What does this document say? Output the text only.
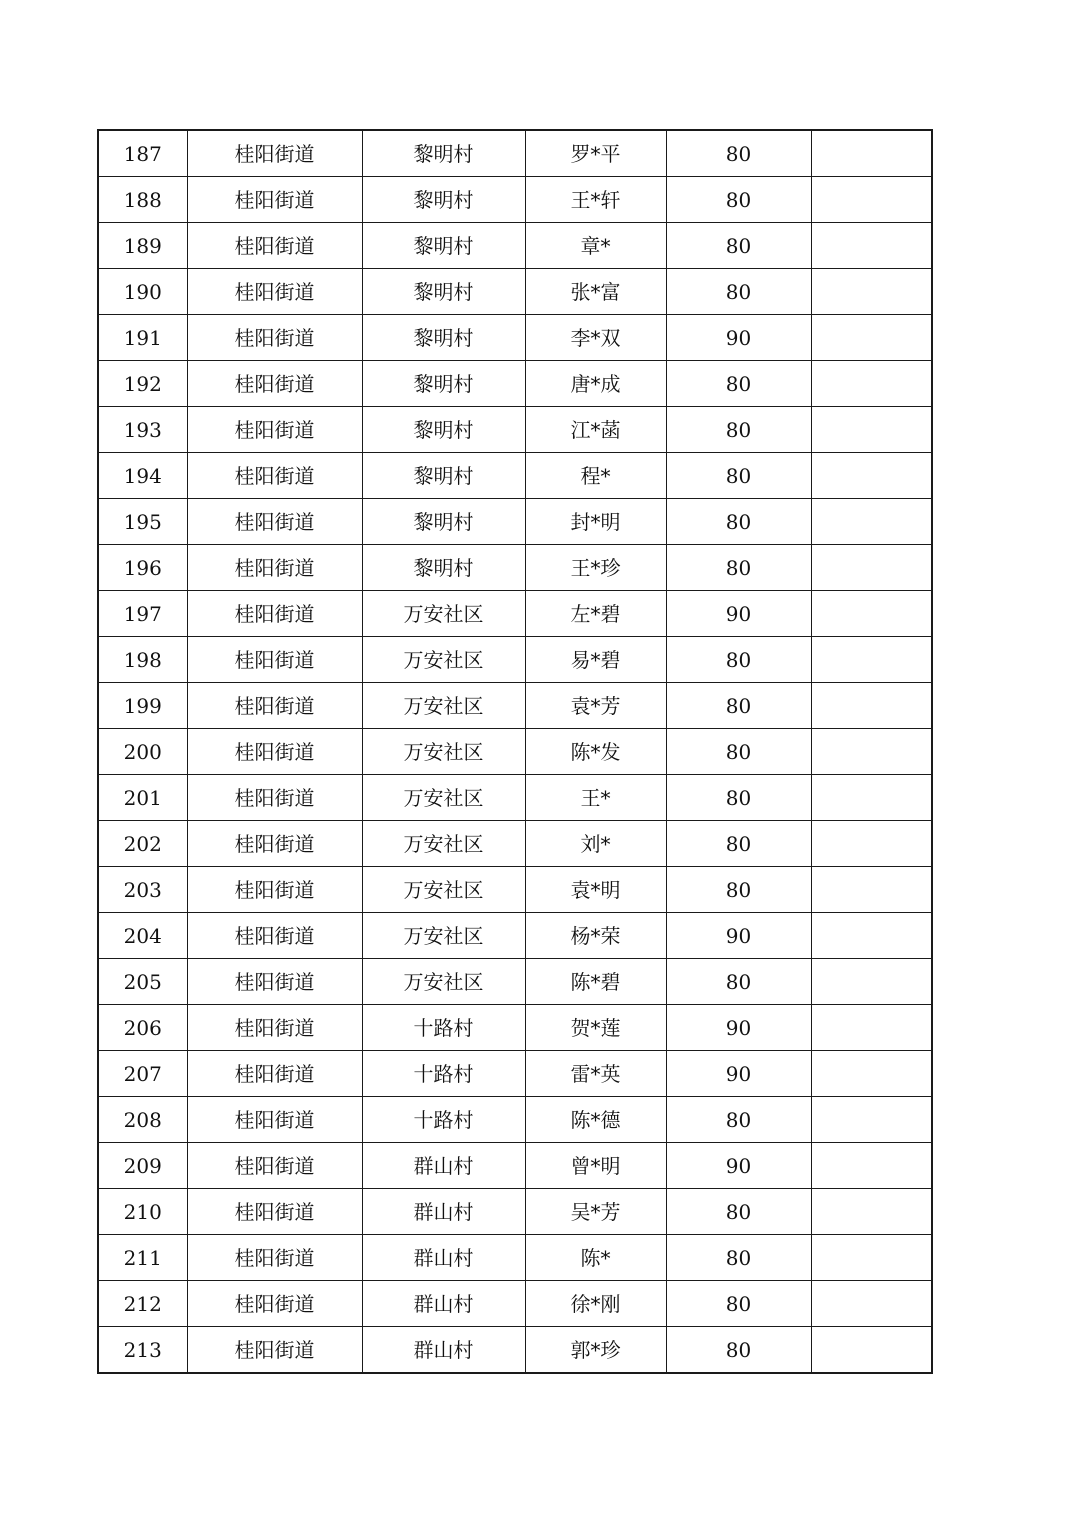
187	桂阳街道	黎明村	罗*平	80	
188	桂阳街道	黎明村	王*轩	80	
189	桂阳街道	黎明村	章*	80	
190	桂阳街道	黎明村	张*富	80	
191	桂阳街道	黎明村	李*双	90	
192	桂阳街道	黎明村	唐*成	80	
193	桂阳街道	黎明村	江*菡	80	
194	桂阳街道	黎明村	程*	80	
195	桂阳街道	黎明村	封*明	80	
196	桂阳街道	黎明村	王*珍	80	
197	桂阳街道	万安社区	左*碧	90	
198	桂阳街道	万安社区	易*碧	80	
199	桂阳街道	万安社区	袁*芳	80	
200	桂阳街道	万安社区	陈*发	80	
201	桂阳街道	万安社区	王*	80	
202	桂阳街道	万安社区	刘*	80	
203	桂阳街道	万安社区	袁*明	80	
204	桂阳街道	万安社区	杨*荣	90	
205	桂阳街道	万安社区	陈*碧	80	
206	桂阳街道	十路村	贺*莲	90	
207	桂阳街道	十路村	雷*英	90	
208	桂阳街道	十路村	陈*德	80	
209	桂阳街道	群山村	曾*明	90	
210	桂阳街道	群山村	吴*芳	80	
211	桂阳街道	群山村	陈*	80	
212	桂阳街道	群山村	徐*刚	80	
213	桂阳街道	群山村	郭*珍	80	
